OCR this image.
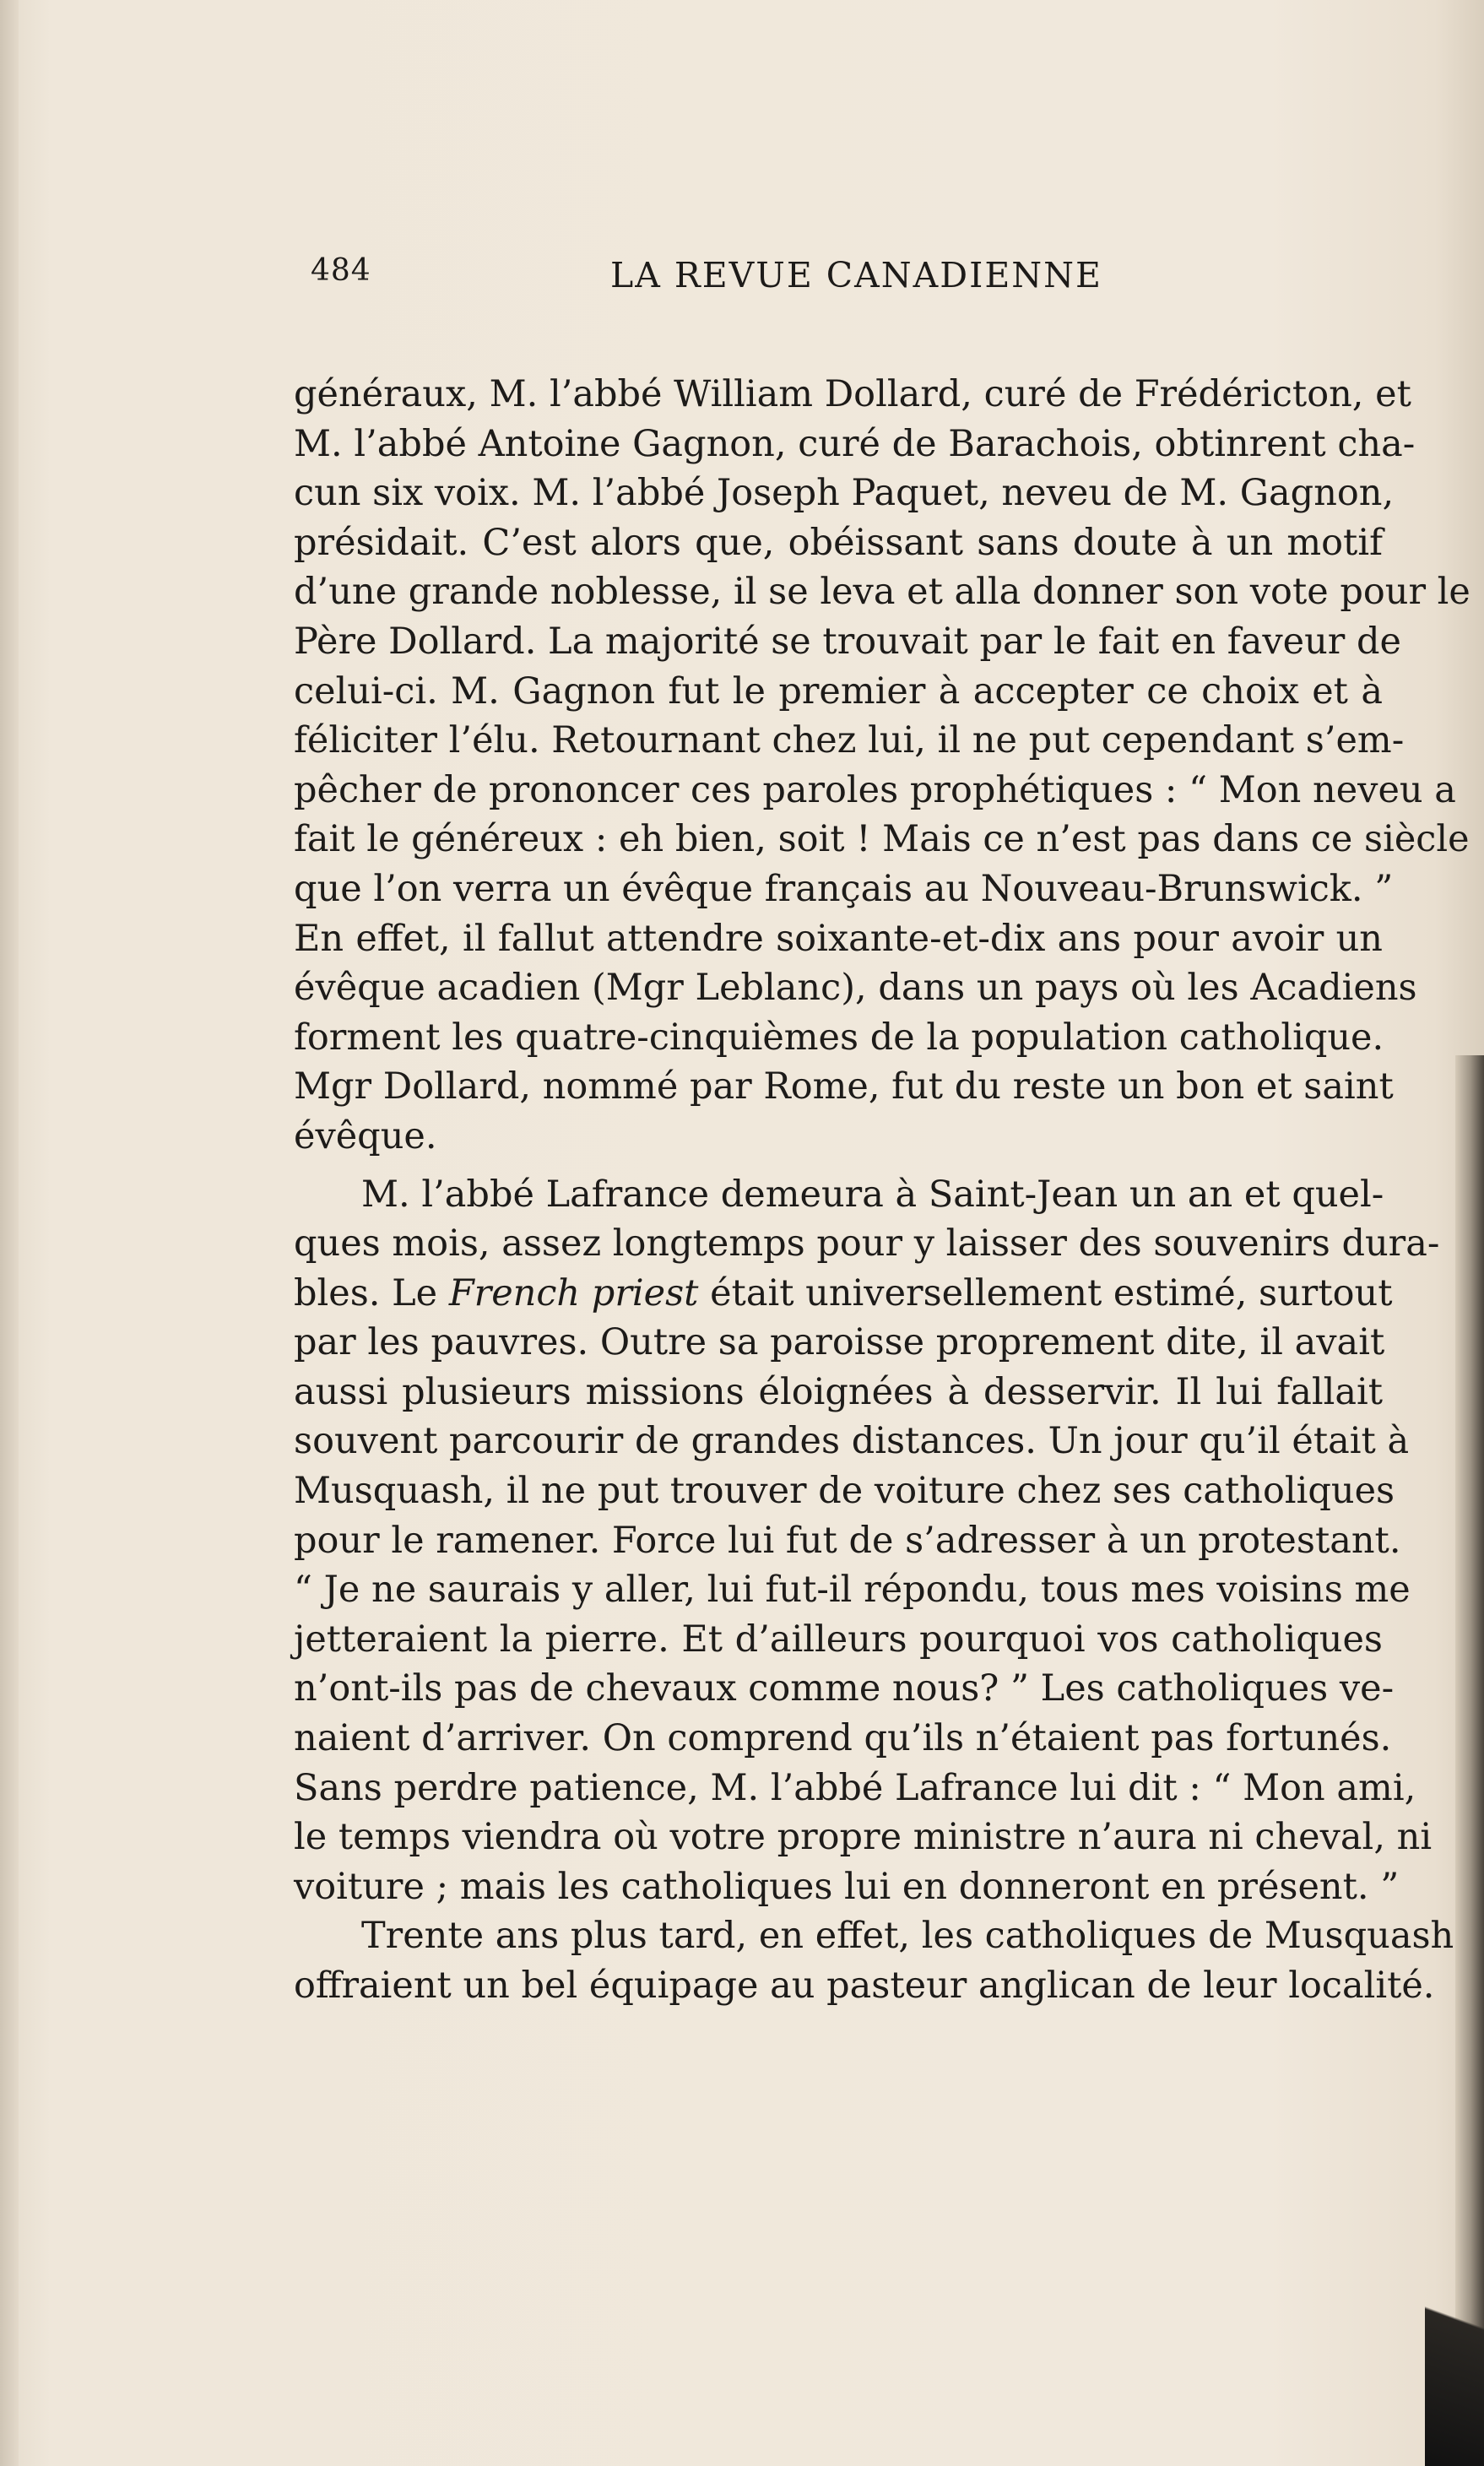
484	LA REVUE CANADIENNE
généraux, M. l’abbé William Dollard, curé de Frédéricton, et
M. l’abbé Antoine Gagnon, curé de Barachois, obtinrent cha-
cun six voix. M. l’abbé Joseph Paquet, neveu de M. Gagnon,
présidait. C’est alors que, obéissant sans doute à un motif
d’une grande noblesse, il se leva et alla donner son vote pour le
Père Dollard. La majorité se trouvait par le fait en faveur de
celui-ci. M. Gagnon fut le premier à accepter ce choix et à
féliciter l’élu. Retournant chez lui, il ne put cependant s’em-
pêcher de prononcer ces paroles prophétiques : “ Mon neveu a
fait le généreux : eh bien, soit ! Mais ce n’est pas dans ce siècle
que l’on verra un évêque français au Nouveau-Brunswick. ”
En effet, il fallut attendre soixante-et-dix ans pour avoir un
évêque acadien (Mgr Leblanc), dans un pays où les Acadiens
forment les quatre-cinquièmes de la population catholique.
Mgr Dollard, nommé par Rome, fut du reste un bon et saint
évêque.
M. l’abbé Lafrance demeura à Saint-Jean un an et quel-
ques mois, assez longtemps pour y laisser des souvenirs dura-
bles. Le French priest était universellement estimé, surtout
par les pauvres. Outre sa paroisse proprement dite, il avait
aussi plusieurs missions éloignées à desservir. Il lui fallait
souvent parcourir de grandes distances. Un jour qu’il était à
Musquash, il ne put trouver de voiture chez ses catholiques
pour le ramener. Force lui fut de s’adresser à un protestant.
“ Je ne saurais y aller, lui fut-il répondu, tous mes voisins me
jetteraient la pierre. Et d’ailleurs pourquoi vos catholiques
n’ont-ils pas de chevaux comme nous? ” Les catholiques ve-
naient d’arriver. On comprend qu’ils n’étaient pas fortunés.
Sans perdre patience, M. l’abbé Lafrance lui dit : “ Mon ami,
le temps viendra où votre propre ministre n’aura ni cheval, ni
voiture ; mais les catholiques lui en donneront en présent. ”
Trente ans plus tard, en effet, les catholiques de Musquash
offraient un bel équipage au pasteur anglican de leur localité.
